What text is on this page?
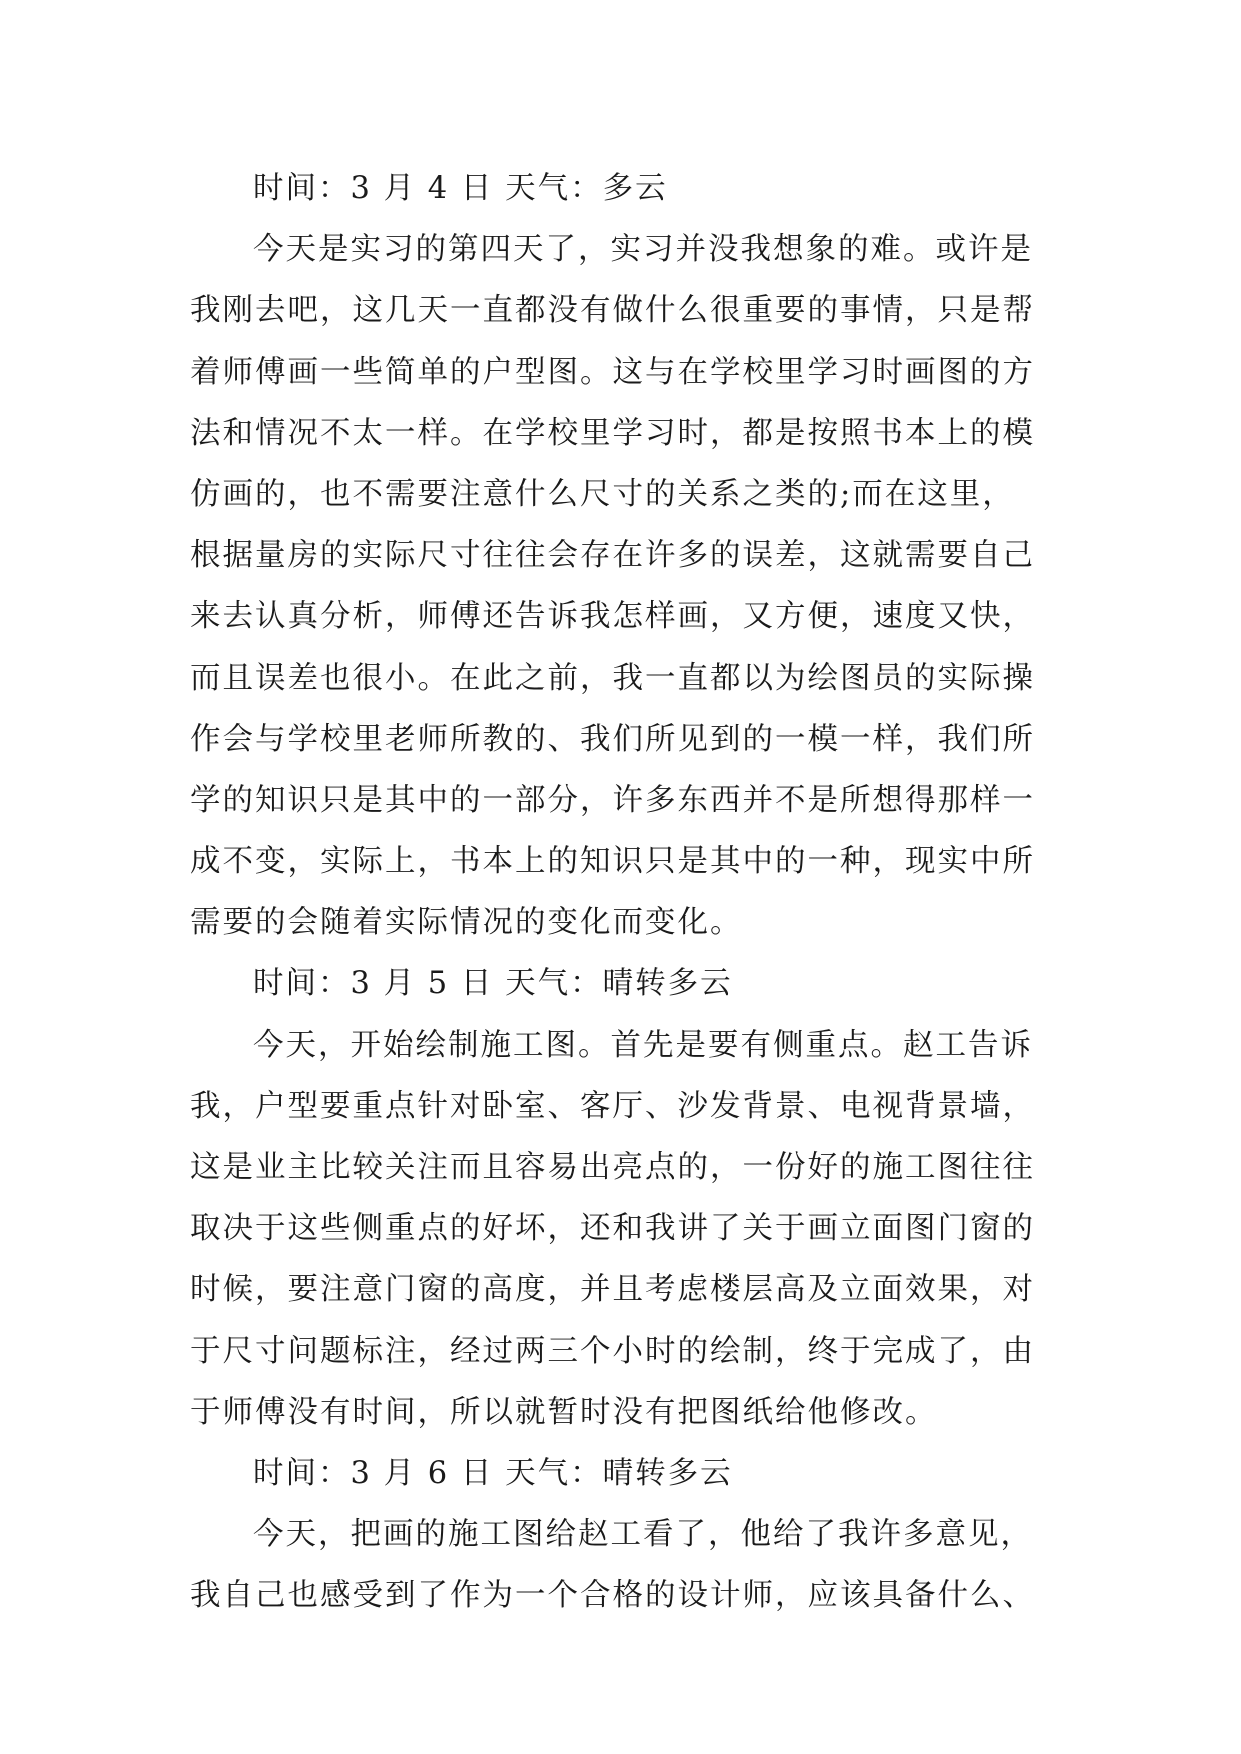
时间：3 月 4 日 天气：多云
今天是实习的第四天了，实习并没我想象的难。或许是
我刚去吧，这几天一直都没有做什么很重要的事情，只是帮
着师傅画一些简单的户型图。这与在学校里学习时画图的方
法和情况不太一样。在学校里学习时，都是按照书本上的模
仿画的，也不需要注意什么尺寸的关系之类的;而在这里，
根据量房的实际尺寸往往会存在许多的误差，这就需要自己
来去认真分析，师傅还告诉我怎样画，又方便，速度又快，
而且误差也很小。在此之前，我一直都以为绘图员的实际操
作会与学校里老师所教的、我们所见到的一模一样，我们所
学的知识只是其中的一部分，许多东西并不是所想得那样一
成不变，实际上，书本上的知识只是其中的一种，现实中所
需要的会随着实际情况的变化而变化。
时间：3 月 5 日 天气：晴转多云
今天，开始绘制施工图。首先是要有侧重点。赵工告诉
我，户型要重点针对卧室、客厅、沙发背景、电视背景墙，
这是业主比较关注而且容易出亮点的，一份好的施工图往往
取决于这些侧重点的好坏，还和我讲了关于画立面图门窗的
时候，要注意门窗的高度，并且考虑楼层高及立面效果，对
于尺寸问题标注，经过两三个小时的绘制，终于完成了，由
于师傅没有时间，所以就暂时没有把图纸给他修改。
时间：3 月 6 日 天气：晴转多云
今天，把画的施工图给赵工看了，他给了我许多意见，
我自己也感受到了作为一个合格的设计师，应该具备什么、
